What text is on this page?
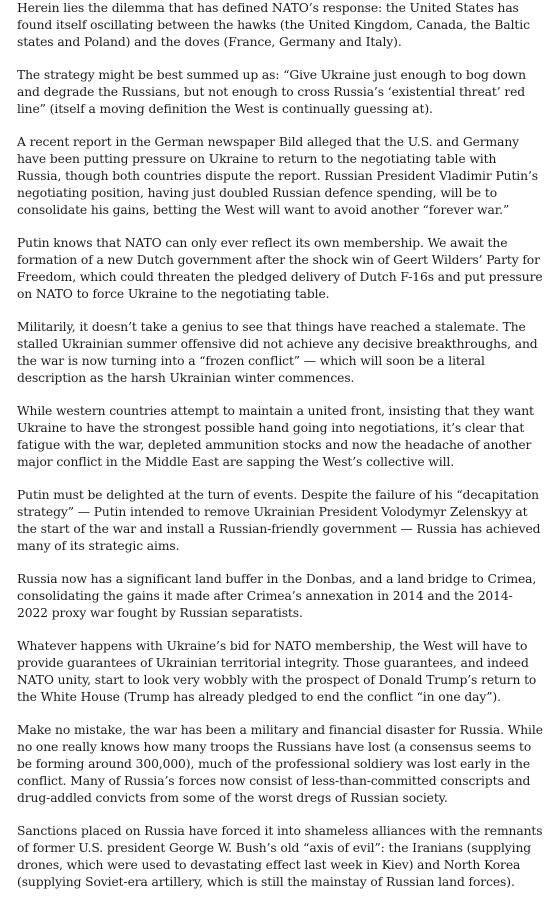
Herein lies the dilemma that has defined NATO’s response: the United States has found itself oscillating between the hawks (the United Kingdom, Canada, the Baltic states and Poland) and the doves (France, Germany and Italy).

The strategy might be best summed up as: “Give Ukraine just enough to bog down and degrade the Russians, but not enough to cross Russia’s ‘existential threat’ red line” (itself a moving definition the West is continually guessing at).

A recent report in the German newspaper Bild alleged that the U.S. and Germany have been putting pressure on Ukraine to return to the negotiating table with Russia, though both countries dispute the report. Russian President Vladimir Putin’s negotiating position, having just doubled Russian defence spending, will be to consolidate his gains, betting the West will want to avoid another “forever war.”

Putin knows that NATO can only ever reflect its own membership. We await the formation of a new Dutch government after the shock win of Geert Wilders’ Party for Freedom, which could threaten the pledged delivery of Dutch F-16s and put pressure on NATO to force Ukraine to the negotiating table.

Militarily, it doesn’t take a genius to see that things have reached a stalemate. The stalled Ukrainian summer offensive did not achieve any decisive breakthroughs, and the war is now turning into a “frozen conflict” — which will soon be a literal description as the harsh Ukrainian winter commences.

While western countries attempt to maintain a united front, insisting that they want Ukraine to have the strongest possible hand going into negotiations, it’s clear that fatigue with the war, depleted ammunition stocks and now the headache of another major conflict in the Middle East are sapping the West’s collective will.

Putin must be delighted at the turn of events. Despite the failure of his “decapitation strategy” — Putin intended to remove Ukrainian President Volodymyr Zelenskyy at the start of the war and install a Russian-friendly government — Russia has achieved many of its strategic aims.

Russia now has a significant land buffer in the Donbas, and a land bridge to Crimea, consolidating the gains it made after Crimea’s annexation in 2014 and the 2014-2022 proxy war fought by Russian separatists.

Whatever happens with Ukraine’s bid for NATO membership, the West will have to provide guarantees of Ukrainian territorial integrity. Those guarantees, and indeed NATO unity, start to look very wobbly with the prospect of Donald Trump’s return to the White House (Trump has already pledged to end the conflict “in one day”).

Make no mistake, the war has been a military and financial disaster for Russia. While no one really knows how many troops the Russians have lost (a consensus seems to be forming around 300,000), much of the professional soldiery was lost early in the conflict. Many of Russia’s forces now consist of less-than-committed conscripts and drug-addled convicts from some of the worst dregs of Russian society.

Sanctions placed on Russia have forced it into shameless alliances with the remnants of former U.S. president George W. Bush’s old “axis of evil”: the Iranians (supplying drones, which were used to devastating effect last week in Kiev) and North Korea (supplying Soviet-era artillery, which is still the mainstay of Russian land forces).
